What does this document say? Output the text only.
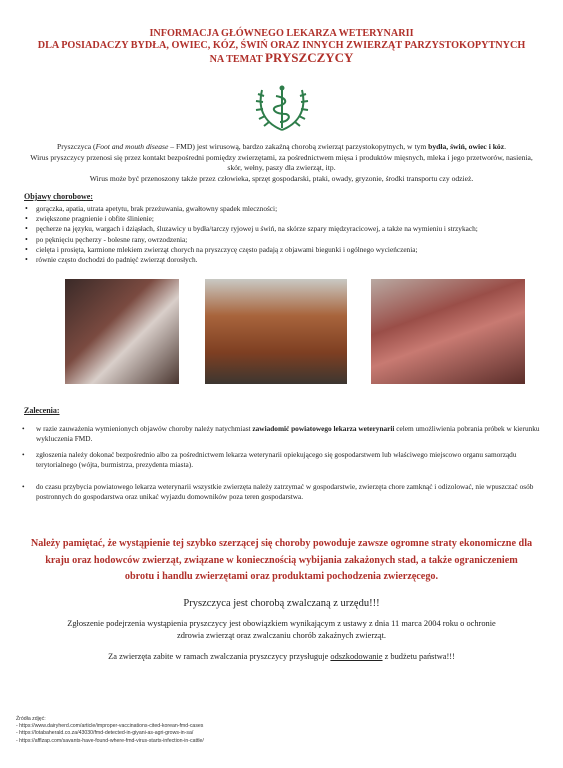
INFORMACJA GŁÓWNEGO LEKARZA WETERYNARII
DLA POSIADACZY BYDŁA, OWIEC, KÓZ, ŚWIŃ ORAZ INNYCH ZWIERZĄT PARZYSTOKOPYTNYCH
NA TEMAT PRYSZCZYCY
Pryszczyca (Foot and mouth disease – FMD) jest wirusową, bardzo zakaźną chorobą zwierząt parzystokopytnych, w tym bydła, świń, owiec i kóz.
Wirus pryszczycy przenosi się przez kontakt bezpośredni pomiędzy zwierzętami, za pośrednictwem mięsa i produktów mięsnych, mleka i jego przetworów, nasienia, skór, wełny, paszy dla zwierząt, itp.
Wirus może być przenoszony także przez człowieka, sprzęt gospodarski, ptaki, owady, gryzonie, środki transportu czy odzież.
Objawy chorobowe:
• gorączka, apatia, utrata apetytu, brak przeżuwania, gwałtowny spadek mleczności;
• zwiększone pragnienie i obfite ślinienie;
• pęcherze na języku, wargach i dziąsłach, śluzawicy u bydła/tarczy ryjowej u świń, na skórze szpary międzyracicowej, a także na wymieniu i strzykach;
• po pęknięciu pęcherzy - bolesne rany, owrzodzenia;
• cielęta i prosięta, karmione mlekiem zwierząt chorych na pryszczycę często padają z objawami biegunki i ogólnego wycieńczenia;
• równie często dochodzi do padnięć zwierząt dorosłych.
Zalecenia:
•	w razie zauważenia wymienionych objawów choroby należy natychmiast zawiadomić powiatowego lekarza weterynarii celem umożliwienia pobrania próbek w kierunku wykluczenia FMD.
•	zgłoszenia należy dokonać bezpośrednio albo za pośrednictwem lekarza weterynarii opiekującego się gospodarstwem lub właściwego miejscowo organu samorządu terytorialnego (wójta, burmistrza, prezydenta miasta).
•	do czasu przybycia powiatowego lekarza weterynarii wszystkie zwierzęta należy zatrzymać w gospodarstwie, zwierzęta chore zamknąć i odizolować, nie wpuszczać osób postronnych do gospodarstwa oraz unikać wyjazdu domowników poza teren gospodarstwa.
Należy pamiętać, że wystąpienie tej szybko szerzącej się choroby powoduje zawsze ogromne straty ekonomiczne dla kraju oraz hodowców zwierząt, związane w koniecznością wybijania zakażonych stad, a także ograniczeniem obrotu i handlu zwierzętami oraz produktami pochodzenia zwierzęcego.
Pryszczyca jest chorobą zwalczaną z urzędu!!!
Zgłoszenie podejrzenia wystąpienia pryszczycy jest obowiązkiem wynikającym z ustawy z dnia 11 marca 2004 roku o ochronie zdrowia zwierząt oraz zwalczaniu chorób zakaźnych zwierząt.
Za zwierzęta zabite w ramach zwalczania pryszczycy przysługuje odszkodowanie z budżetu państwa!!!
Źródła zdjęć:
- https://www.dairyherd.com/article/improper-vaccinations-cited-korean-fmd-cases
- https://lotabaherald.co.za/43030/fmd-detected-in-giyani-as-agri-grows-in-sa/
- https://afflzap.com/savants-have-found-where-fmd-virus-starts-infection-in-cattle/
